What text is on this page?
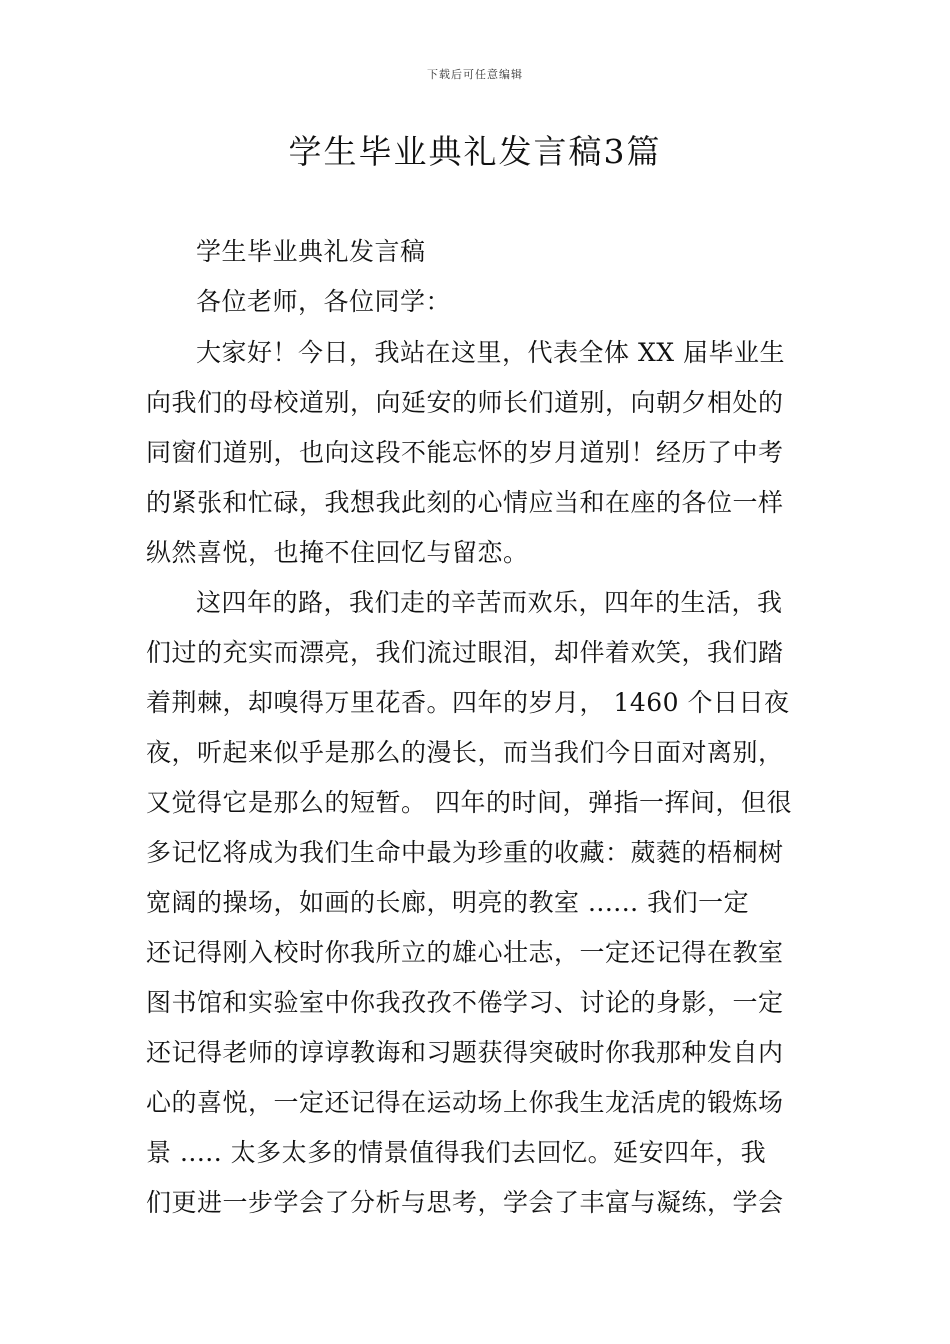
下载后可任意编辑
学生毕业典礼发言稿3篇
学生毕业典礼发言稿
各位老师，各位同学：
大家好！今日，我站在这里，代表全体 XX 届毕业生
向我们的母校道别，向延安的师长们道别，向朝夕相处的
同窗们道别，也向这段不能忘怀的岁月道别！经历了中考
的紧张和忙碌，我想我此刻的心情应当和在座的各位一样
纵然喜悦，也掩不住回忆与留恋。
这四年的路，我们走的辛苦而欢乐，四年的生活，我
们过的充实而漂亮，我们流过眼泪，却伴着欢笑，我们踏
着荆棘，却嗅得万里花香。四年的岁月， 1460 个日日夜
夜，听起来似乎是那么的漫长，而当我们今日面对离别，
又觉得它是那么的短暂。 四年的时间，弹指一挥间，但很
多记忆将成为我们生命中最为珍重的收藏：葳蕤的梧桐树
宽阔的操场，如画的长廊，明亮的教室 ...... 我们一定
还记得刚入校时你我所立的雄心壮志，一定还记得在教室
图书馆和实验室中你我孜孜不倦学习、讨论的身影，一定
还记得老师的谆谆教诲和习题获得突破时你我那种发自内
心的喜悦，一定还记得在运动场上你我生龙活虎的锻炼场
景 ..... 太多太多的情景值得我们去回忆。延安四年，我
们更进一步学会了分析与思考，学会了丰富与凝练，学会
